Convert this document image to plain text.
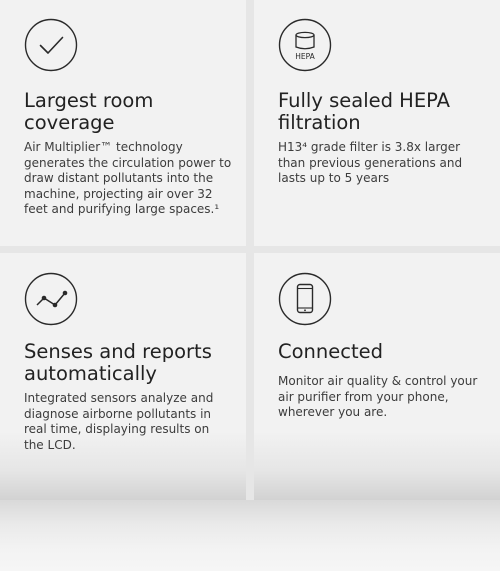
Largest room coverage

Air Multiplier™ technology generates the circulation power to draw distant pollutants into the machine, projecting air over 32 feet and purifying large spaces.¹

HEPA
Fully sealed HEPA filtration

H13⁴ grade filter is 3.8x larger than previous generations and lasts up to 5 years

Senses and reports automatically

Integrated sensors analyze and diagnose airborne pollutants in real time, displaying results on the LCD.

Connected

Monitor air quality & control your air purifier from your phone, wherever you are.
